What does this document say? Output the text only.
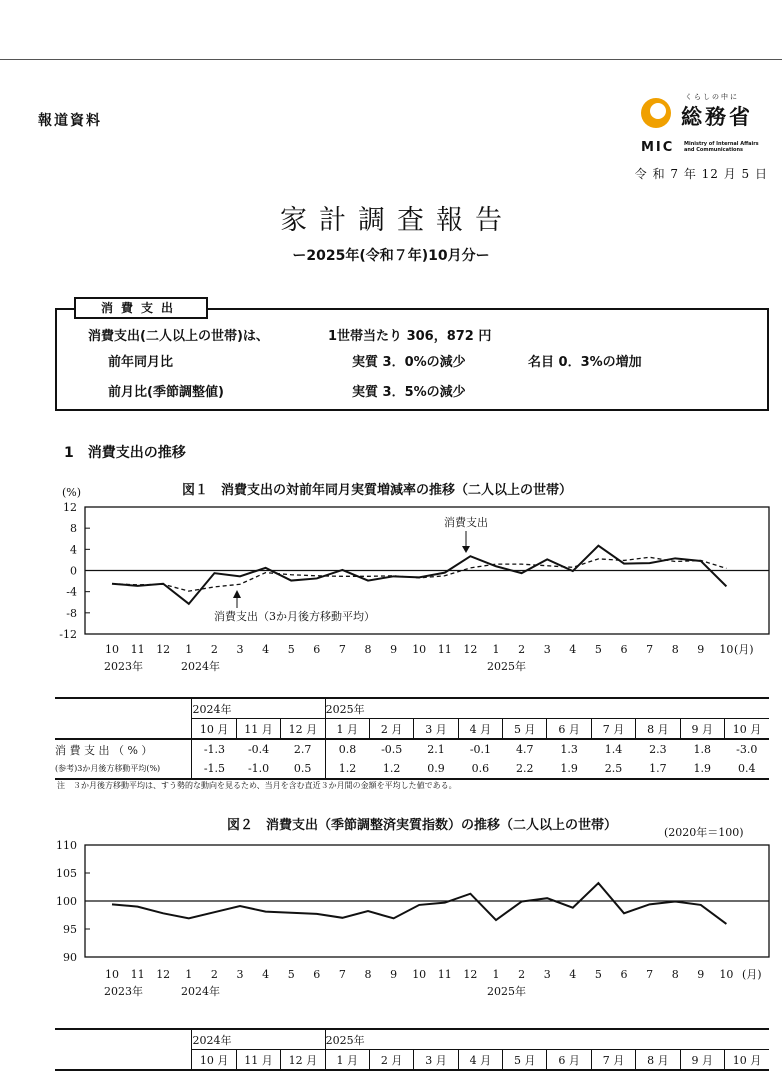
報道資料
くらしの中に
総務省
MIC Ministry of Internal Affairs
and Communications
令 和 7 年 12 月 5 日
家計調査報告
ー2025年(令和７年)10月分ー
消費支出
消費支出(二人以上の世帯)は、	1世帯当たり 306，872 円
前年同月比	実質 3．0%の減少	名目 0．3%の増加
前月比(季節調整値)	実質 3．5%の減少
1　消費支出の推移
図１　消費支出の対前年同月実質増減率の推移（二人以上の世帯）
(%)
12
8
4
0
-4
-8
-12
消費支出
消費支出（3か月後方移動平均）
10 11 12 1 2 3 4 5 6 7 8 9 10 11 12 1 2 3 4 5 6 7 8 9 10 (月)
2023年	2024年	2025年
	2024年			2025年									
	10 月	11 月	12 月	1 月	2 月	3 月	4 月	5 月	6 月	7 月	8 月	9 月	10 月
消 費 支 出 （ % ）	-1.3	-0.4	2.7	0.8	-0.5	2.1	-0.1	4.7	1.3	1.4	2.3	1.8	-3.0
(参考)3か月後方移動平均(%)	-1.5	-1.0	0.5	1.2	1.2	0.9	0.6	2.2	1.9	2.5	1.7	1.9	0.4
注　３か月後方移動平均は、すう勢的な動向を見るため、当月を含む直近３か月間の金額を平均した値である。
図２　消費支出（季節調整済実質指数）の推移（二人以上の世帯）	(2020年＝100)
110
105
100
95
90
10 11 12 1 2 3 4 5 6 7 8 9 10 11 12 1 2 3 4 5 6 7 8 9 10 (月)
2023年	2024年	2025年
	2024年			2025年									
	10 月	11 月	12 月	1 月	2 月	3 月	4 月	5 月	6 月	7 月	8 月	9 月	10 月
